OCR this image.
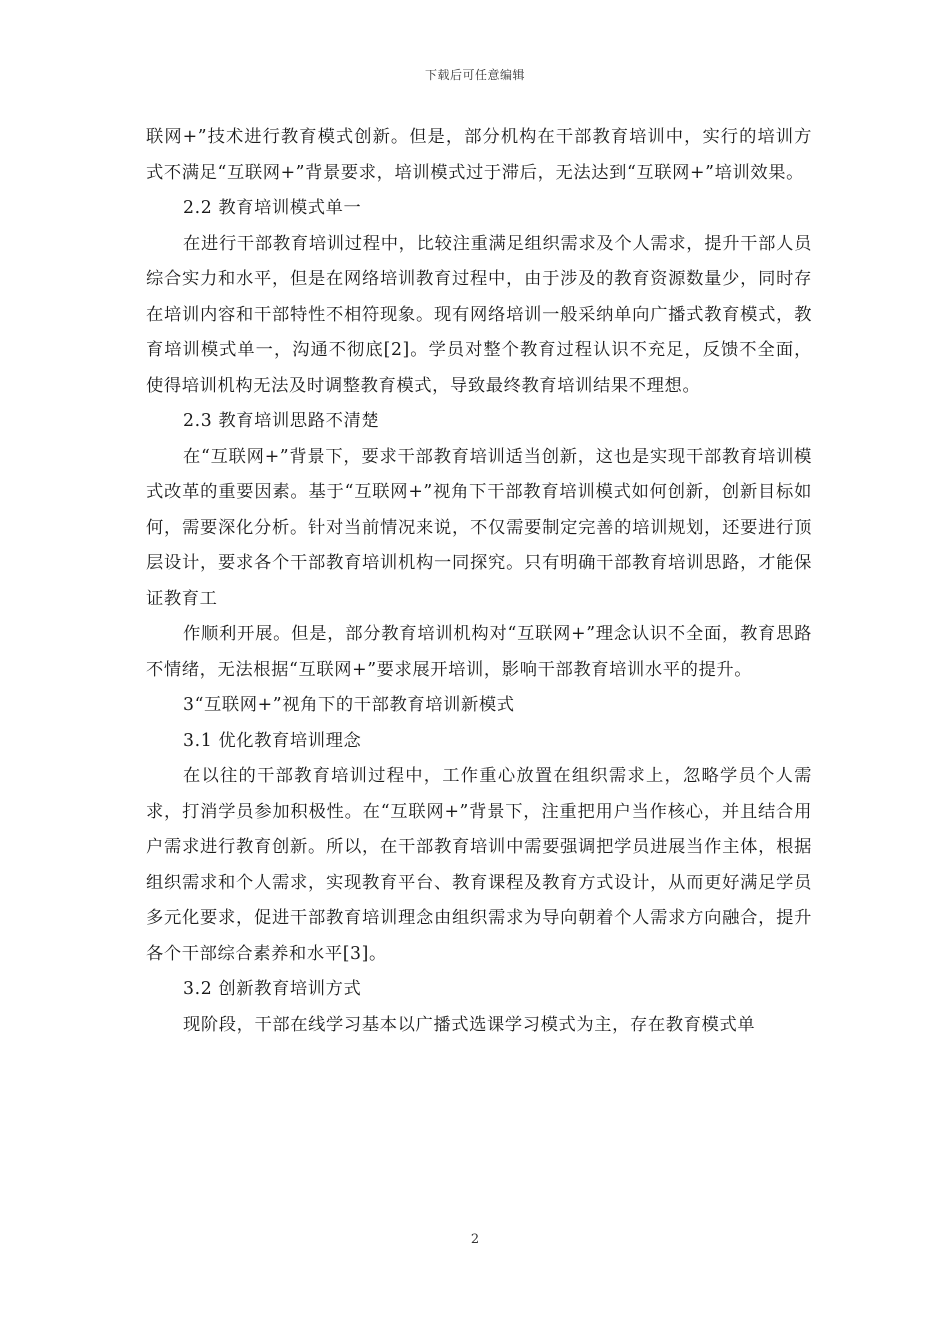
下载后可任意编辑

联网+”技术进行教育模式创新。但是，部分机构在干部教育培训中，实行的培训方式不满足“互联网+”背景要求，培训模式过于滞后，无法达到“互联网+”培训效果。

2.2 教育培训模式单一

在进行干部教育培训过程中，比较注重满足组织需求及个人需求，提升干部人员综合实力和水平，但是在网络培训教育过程中，由于涉及的教育资源数量少，同时存在培训内容和干部特性不相符现象。现有网络培训一般采纳单向广播式教育模式，教育培训模式单一，沟通不彻底[2]。学员对整个教育过程认识不充足，反馈不全面，使得培训机构无法及时调整教育模式，导致最终教育培训结果不理想。

2.3 教育培训思路不清楚

在“互联网+”背景下，要求干部教育培训适当创新，这也是实现干部教育培训模式改革的重要因素。基于“互联网+”视角下干部教育培训模式如何创新，创新目标如何，需要深化分析。针对当前情况来说，不仅需要制定完善的培训规划，还要进行顶层设计，要求各个干部教育培训机构一同探究。只有明确干部教育培训思路，才能保证教育工

作顺利开展。但是，部分教育培训机构对“互联网+”理念认识不全面，教育思路不情绪，无法根据“互联网+”要求展开培训，影响干部教育培训水平的提升。

3“互联网+”视角下的干部教育培训新模式

3.1 优化教育培训理念

在以往的干部教育培训过程中，工作重心放置在组织需求上，忽略学员个人需求，打消学员参加积极性。在“互联网+”背景下，注重把用户当作核心，并且结合用户需求进行教育创新。所以，在干部教育培训中需要强调把学员进展当作主体，根据组织需求和个人需求，实现教育平台、教育课程及教育方式设计，从而更好满足学员多元化要求，促进干部教育培训理念由组织需求为导向朝着个人需求方向融合，提升各个干部综合素养和水平[3]。

3.2 创新教育培训方式

现阶段，干部在线学习基本以广播式选课学习模式为主，存在教育模式单

2
